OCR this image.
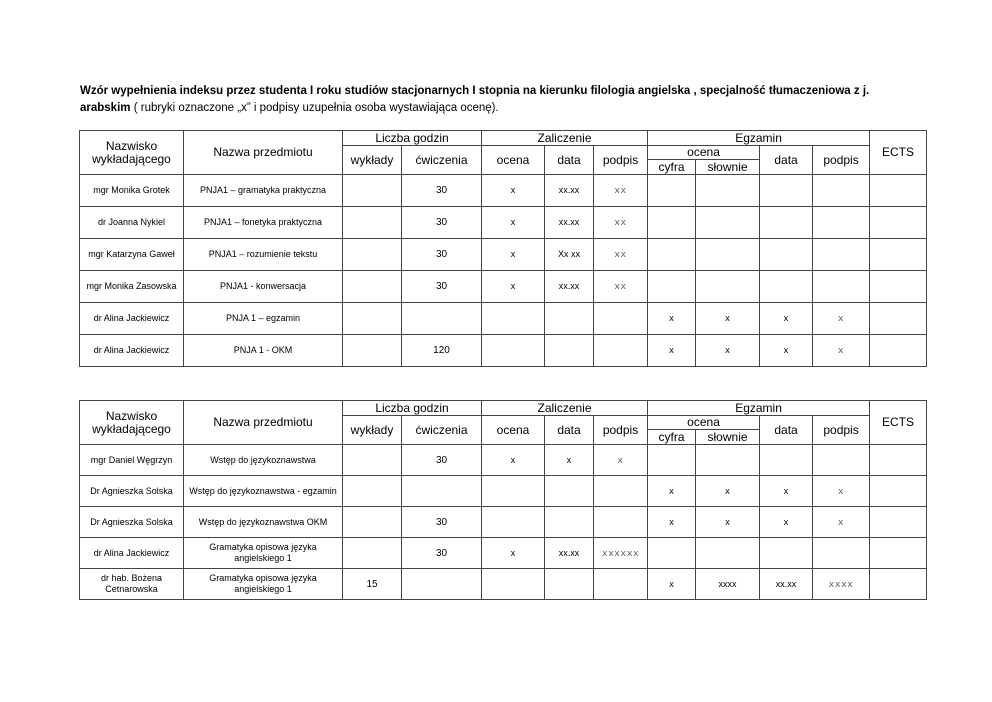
Wzór wypełnienia indeksu przez studenta I roku studiów stacjonarnych I stopnia na kierunku filologia angielska , specjalność tłumaczeniowa z j. arabskim ( rubryki oznaczone „x” i podpisy uzupełnia osoba wystawiająca ocenę).
Nazwisko wykładającego	Nazwa przedmiotu	Liczba godzin		Zaliczenie			Egzamin				ECTS
		wykłady	ćwiczenia	ocena	data	podpis	ocena		data	podpis	
							cyfra	słownie			
mgr Monika Grotek	PNJA1 – gramatyka praktyczna		30	x	xx.xx	xx					
dr Joanna Nykiel	PNJA1 – fonetyka praktyczna		30	x	xx.xx	xx					
mgr Katarzyna Gaweł	PNJA1 – rozumienie tekstu		30	x	Xx xx	xx					
mgr Monika Zasowska	PNJA1 - konwersacja		30	x	xx.xx	xx					
dr Alina Jackiewicz	PNJA 1 – egzamin						x	x	x	x	
dr Alina Jackiewicz	PNJA 1 - OKM		120				x	x	x	x	
Nazwisko wykładającego	Nazwa przedmiotu	Liczba godzin		Zaliczenie			Egzamin				ECTS
		wykłady	ćwiczenia	ocena	data	podpis	ocena		data	podpis	
							cyfra	słownie			
mgr Daniel Węgrzyn	Wstęp do językoznawstwa		30	x	x	x					
Dr Agnieszka Solska	Wstęp do językoznawstwa - egzamin						x	x	x	x	
Dr Agnieszka Solska	Wstęp do językoznawstwa OKM		30				x	x	x	x	
dr Alina Jackiewicz	Gramatyka opisowa języka angielskiego 1		30	x	xx.xx	xxxxxx					
dr hab. Bożena Cetnarowska	Gramatyka opisowa języka angielskiego 1	15					x	xxxx	xx.xx	xxxx	
